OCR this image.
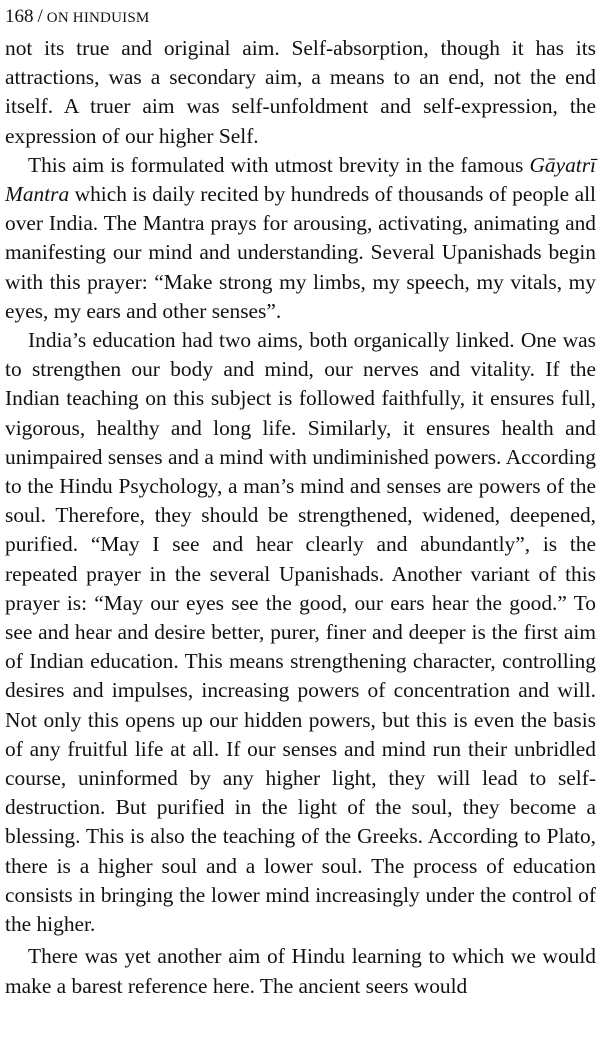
168 / ON HINDUISM

not its true and original aim. Self-absorption, though it has its attractions, was a secondary aim, a means to an end, not the end itself. A truer aim was self-unfoldment and self-expression, the expression of our higher Self.

This aim is formulated with utmost brevity in the famous Gāyatrī Mantra which is daily recited by hundreds of thousands of people all over India. The Mantra prays for arousing, activating, animating and manifesting our mind and understanding. Several Upanishads begin with this prayer: “Make strong my limbs, my speech, my vitals, my eyes, my ears and other senses”.

India’s education had two aims, both organically linked. One was to strengthen our body and mind, our nerves and vitality. If the Indian teaching on this subject is followed faithfully, it ensures full, vigorous, healthy and long life. Similarly, it ensures health and unimpaired senses and a mind with undiminished powers. According to the Hindu Psychology, a man’s mind and senses are powers of the soul. Therefore, they should be strengthened, widened, deepened, purified. “May I see and hear clearly and abundantly”, is the repeated prayer in the several Upanishads. Another variant of this prayer is: “May our eyes see the good, our ears hear the good.” To see and hear and desire better, purer, finer and deeper is the first aim of Indian education. This means strengthening character, controlling desires and impulses, increasing powers of concentration and will. Not only this opens up our hidden powers, but this is even the basis of any fruitful life at all. If our senses and mind run their unbridled course, uninformed by any higher light, they will lead to self-destruction. But purified in the light of the soul, they become a blessing. This is also the teaching of the Greeks. According to Plato, there is a higher soul and a lower soul. The process of education consists in bringing the lower mind increasingly under the control of the higher.

There was yet another aim of Hindu learning to which we would make a barest reference here. The ancient seers would
